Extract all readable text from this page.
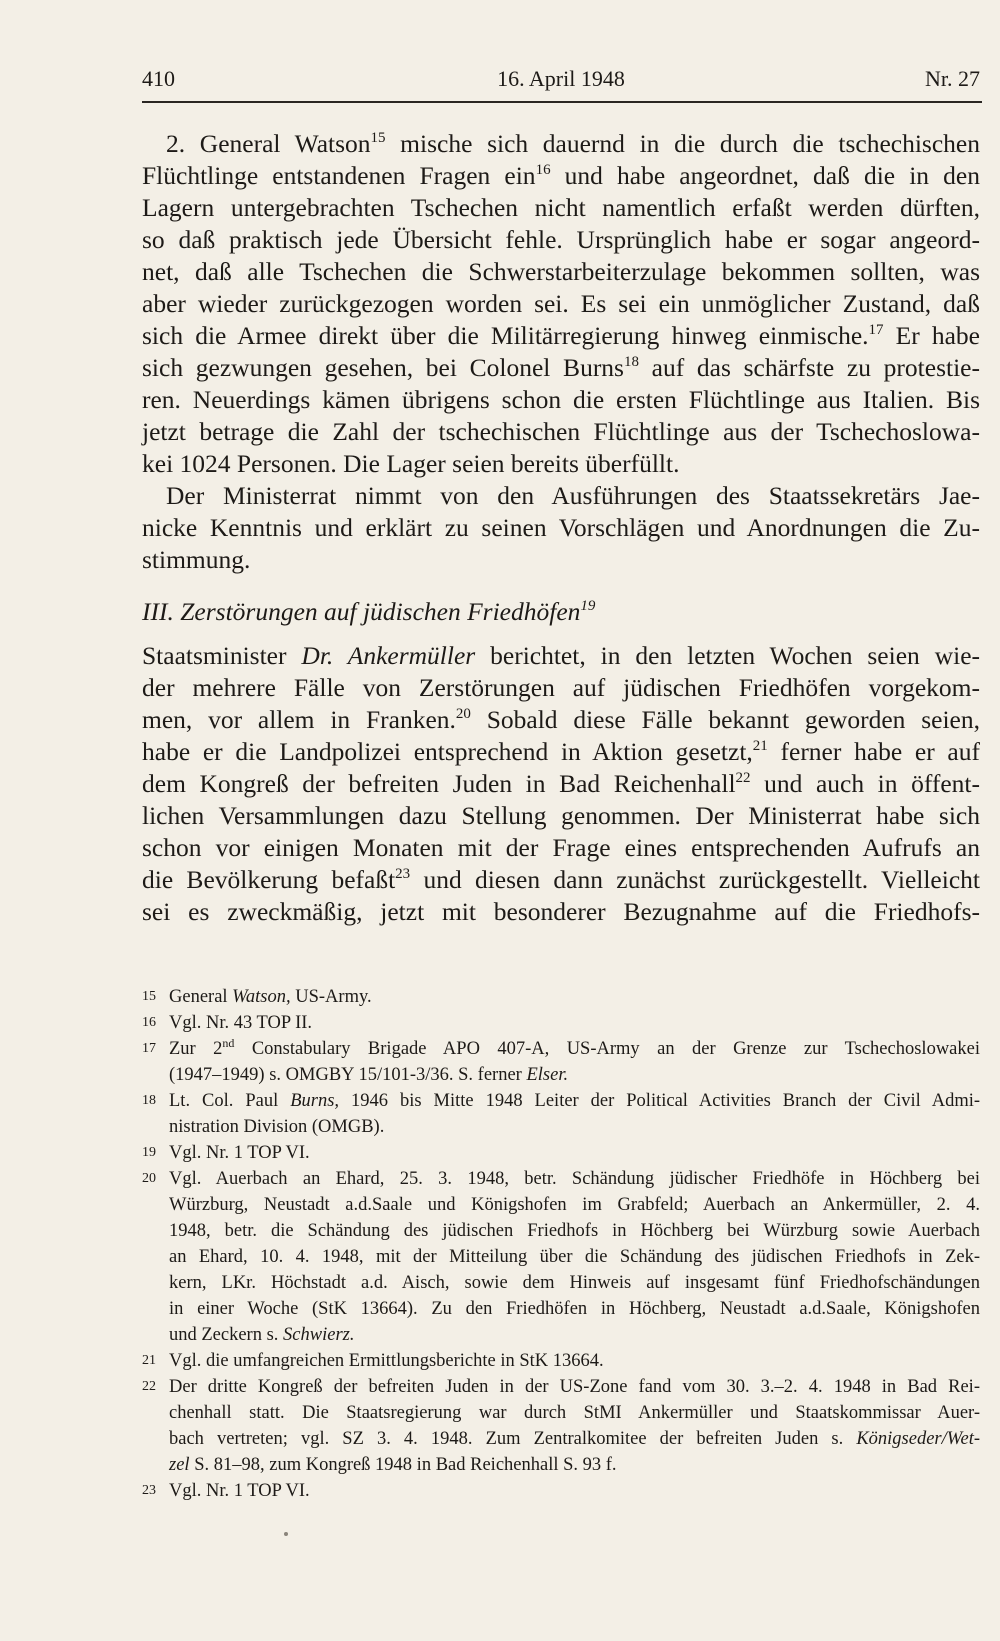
410	16. April 1948	Nr. 27
2. General Watson$^{15}$ mische sich dauernd in die durch die tschechischen
Flüchtlinge entstandenen Fragen ein$^{16}$ und habe angeordnet, daß die in den
Lagern untergebrachten Tschechen nicht namentlich erfaßt werden dürften,
so daß praktisch jede Übersicht fehle. Ursprünglich habe er sogar angeord-
net, daß alle Tschechen die Schwerstarbeiterzulage bekommen sollten, was
aber wieder zurückgezogen worden sei. Es sei ein unmöglicher Zustand, daß
sich die Armee direkt über die Militärregierung hinweg einmische.$^{17}$ Er habe
sich gezwungen gesehen, bei Colonel Burns$^{18}$ auf das schärfste zu protestie-
ren. Neuerdings kämen übrigens schon die ersten Flüchtlinge aus Italien. Bis
jetzt betrage die Zahl der tschechischen Flüchtlinge aus der Tschechoslowa-
kei 1024 Personen. Die Lager seien bereits überfüllt.
Der Ministerrat nimmt von den Ausführungen des Staatssekretärs Jae-
nicke Kenntnis und erklärt zu seinen Vorschlägen und Anordnungen die Zu-
stimmung.
III. Zerstörungen auf jüdischen Friedhöfen$^{19}$
Staatsminister Dr. Ankermüller berichtet, in den letzten Wochen seien wie-
der mehrere Fälle von Zerstörungen auf jüdischen Friedhöfen vorgekom-
men, vor allem in Franken.$^{20}$ Sobald diese Fälle bekannt geworden seien,
habe er die Landpolizei entsprechend in Aktion gesetzt,$^{21}$ ferner habe er auf
dem Kongreß der befreiten Juden in Bad Reichenhall$^{22}$ und auch in öffent-
lichen Versammlungen dazu Stellung genommen. Der Ministerrat habe sich
schon vor einigen Monaten mit der Frage eines entsprechenden Aufrufs an
die Bevölkerung befaßt$^{23}$ und diesen dann zunächst zurückgestellt. Vielleicht
sei es zweckmäßig, jetzt mit besonderer Bezugnahme auf die Friedhofs-
15 General Watson, US-Army.
16 Vgl. Nr. 43 TOP II.
17 Zur 2nd Constabulary Brigade APO 407-A, US-Army an der Grenze zur Tschechoslowakei
(1947–1949) s. OMGBY 15/101-3/36. S. ferner Elser.
18 Lt. Col. Paul Burns, 1946 bis Mitte 1948 Leiter der Political Activities Branch der Civil Admi-
nistration Division (OMGB).
19 Vgl. Nr. 1 TOP VI.
20 Vgl. Auerbach an Ehard, 25. 3. 1948, betr. Schändung jüdischer Friedhöfe in Höchberg bei
Würzburg, Neustadt a.d.Saale und Königshofen im Grabfeld; Auerbach an Ankermüller, 2. 4.
1948, betr. die Schändung des jüdischen Friedhofs in Höchberg bei Würzburg sowie Auerbach
an Ehard, 10. 4. 1948, mit der Mitteilung über die Schändung des jüdischen Friedhofs in Zek-
kern, LKr. Höchstadt a.d. Aisch, sowie dem Hinweis auf insgesamt fünf Friedhofschändungen
in einer Woche (StK 13664). Zu den Friedhöfen in Höchberg, Neustadt a.d.Saale, Königshofen
und Zeckern s. Schwierz.
21 Vgl. die umfangreichen Ermittlungsberichte in StK 13664.
22 Der dritte Kongreß der befreiten Juden in der US-Zone fand vom 30. 3.–2. 4. 1948 in Bad Rei-
chenhall statt. Die Staatsregierung war durch StMI Ankermüller und Staatskommissar Auer-
bach vertreten; vgl. SZ 3. 4. 1948. Zum Zentralkomitee der befreiten Juden s. Königseder/Wet-
zel S. 81–98, zum Kongreß 1948 in Bad Reichenhall S. 93 f.
23 Vgl. Nr. 1 TOP VI.
